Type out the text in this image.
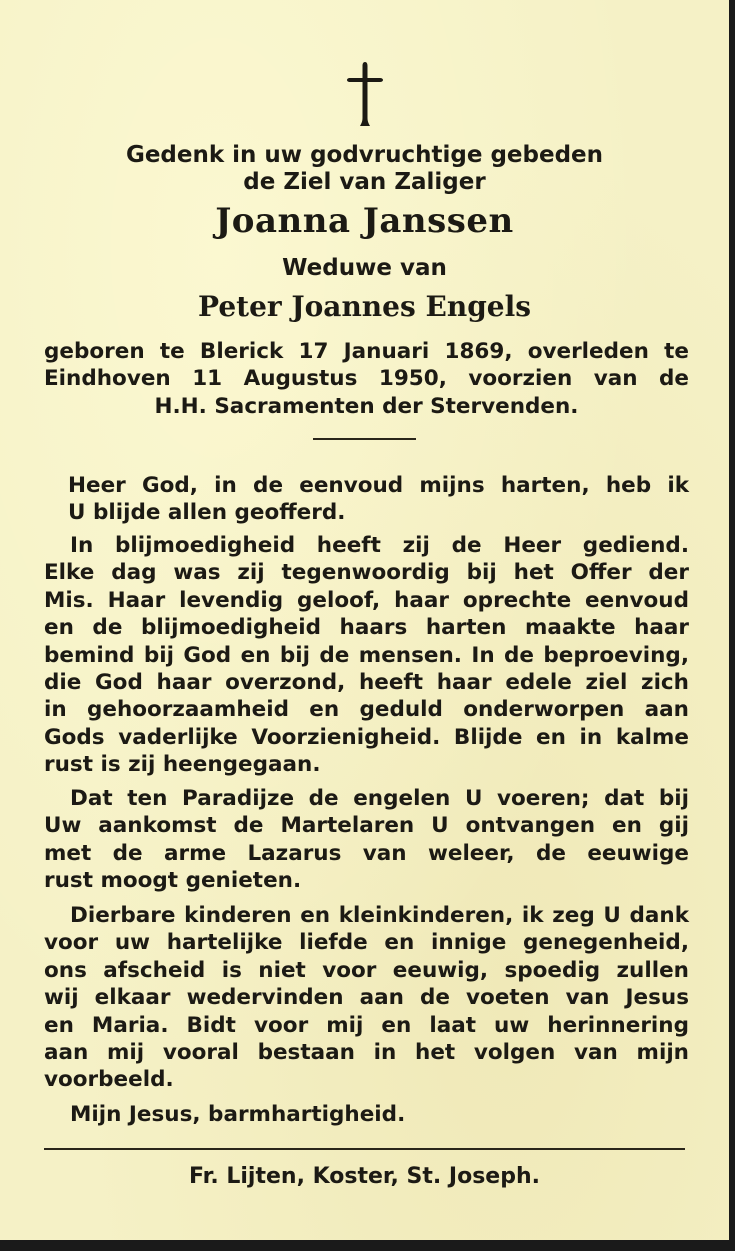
Gedenk in uw godvruchtige gebeden
de Ziel van Zaliger
Joanna Janssen
Weduwe van
Peter Joannes Engels
geboren te Blerick 17 Januari 1869, overleden te
Eindhoven 11 Augustus 1950, voorzien van de
H.H. Sacramenten der Stervenden.
Heer God, in de eenvoud mijns harten, heb ik
U blijde allen geofferd.
In blijmoedigheid heeft zij de Heer gediend.
Elke dag was zij tegenwoordig bij het Offer der
Mis. Haar levendig geloof, haar oprechte eenvoud
en de blijmoedigheid haars harten maakte haar
bemind bij God en bij de mensen. In de beproeving,
die God haar overzond, heeft haar edele ziel zich
in gehoorzaamheid en geduld onderworpen aan
Gods vaderlijke Voorzienigheid. Blijde en in kalme
rust is zij heengegaan.
Dat ten Paradijze de engelen U voeren; dat bij
Uw aankomst de Martelaren U ontvangen en gij
met de arme Lazarus van weleer, de eeuwige
rust moogt genieten.
Dierbare kinderen en kleinkinderen, ik zeg U dank
voor uw hartelijke liefde en innige genegenheid,
ons afscheid is niet voor eeuwig, spoedig zullen
wij elkaar wedervinden aan de voeten van Jesus
en Maria. Bidt voor mij en laat uw herinnering
aan mij vooral bestaan in het volgen van mijn
voorbeeld.
Mijn Jesus, barmhartigheid.
Fr. Lijten, Koster, St. Joseph.
